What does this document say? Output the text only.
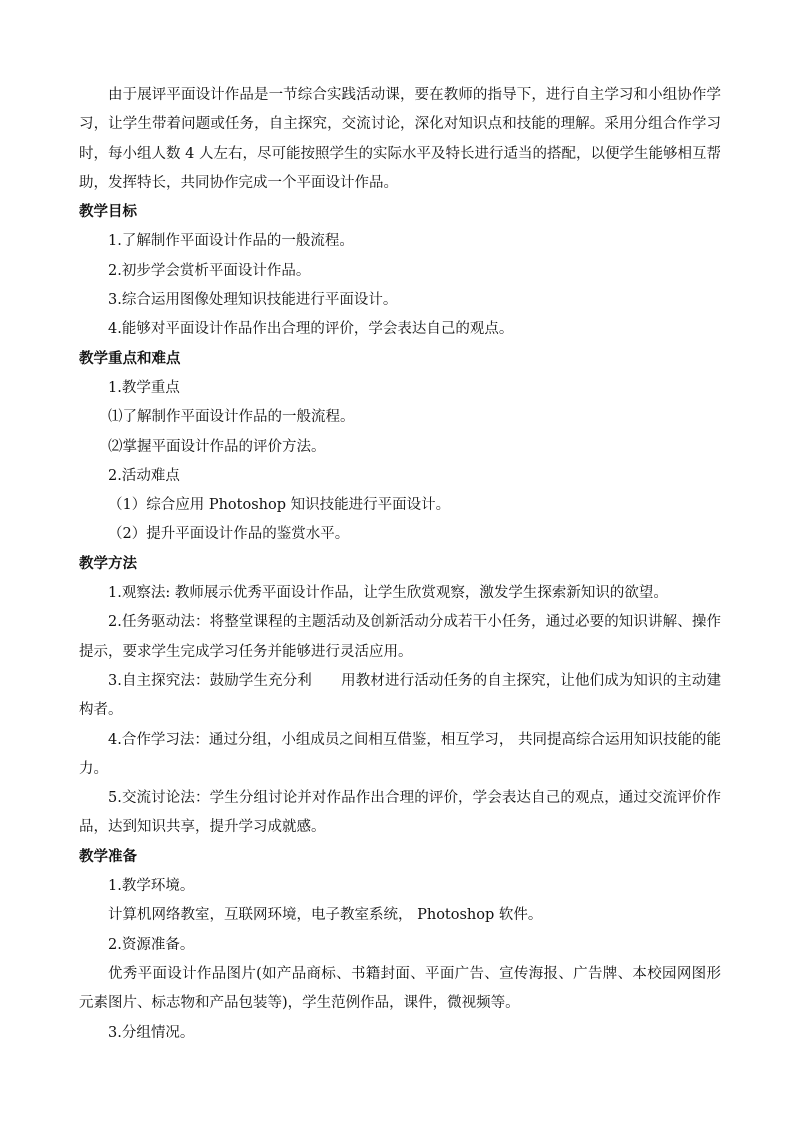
由于展评平面设计作品是一节综合实践活动课，要在教师的指导下，进行自主学习和小组协作学习，让学生带着问题或任务，自主探究，交流讨论，深化对知识点和技能的理解。采用分组合作学习时，每小组人数 4 人左右，尽可能按照学生的实际水平及特长进行适当的搭配，以便学生能够相互帮助，发挥特长，共同协作完成一个平面设计作品。

教学目标

1.了解制作平面设计作品的一般流程。

2.初步学会赏析平面设计作品。

3.综合运用图像处理知识技能进行平面设计。

4.能够对平面设计作品作出合理的评价，学会表达自己的观点。

教学重点和难点

1.教学重点

⑴了解制作平面设计作品的一般流程。

⑵掌握平面设计作品的评价方法。

2.活动难点

（1）综合应用 Photoshop 知识技能进行平面设计。

（2）提升平面设计作品的鉴赏水平。

教学方法

1.观察法: 教师展示优秀平面设计作品，让学生欣赏观察，激发学生探索新知识的欲望。

2.任务驱动法：将整堂课程的主题活动及创新活动分成若干小任务，通过必要的知识讲解、操作提示，要求学生完成学习任务并能够进行灵活应用。

3.自主探究法：鼓励学生充分利　　用教材进行活动任务的自主探究，让他们成为知识的主动建构者。

4.合作学习法：通过分组，小组成员之间相互借鉴，相互学习， 共同提高综合运用知识技能的能力。

5.交流讨论法：学生分组讨论并对作品作出合理的评价，学会表达自己的观点，通过交流评价作品，达到知识共享，提升学习成就感。

教学准备

1.教学环境。

计算机网络教室，互联网环境，电子教室系统， Photoshop 软件。

2.资源准备。

优秀平面设计作品图片(如产品商标、书籍封面、平面广告、宣传海报、广告牌、本校园网图形元素图片、标志物和产品包装等)，学生范例作品，课件，微视频等。

3.分组情况。
